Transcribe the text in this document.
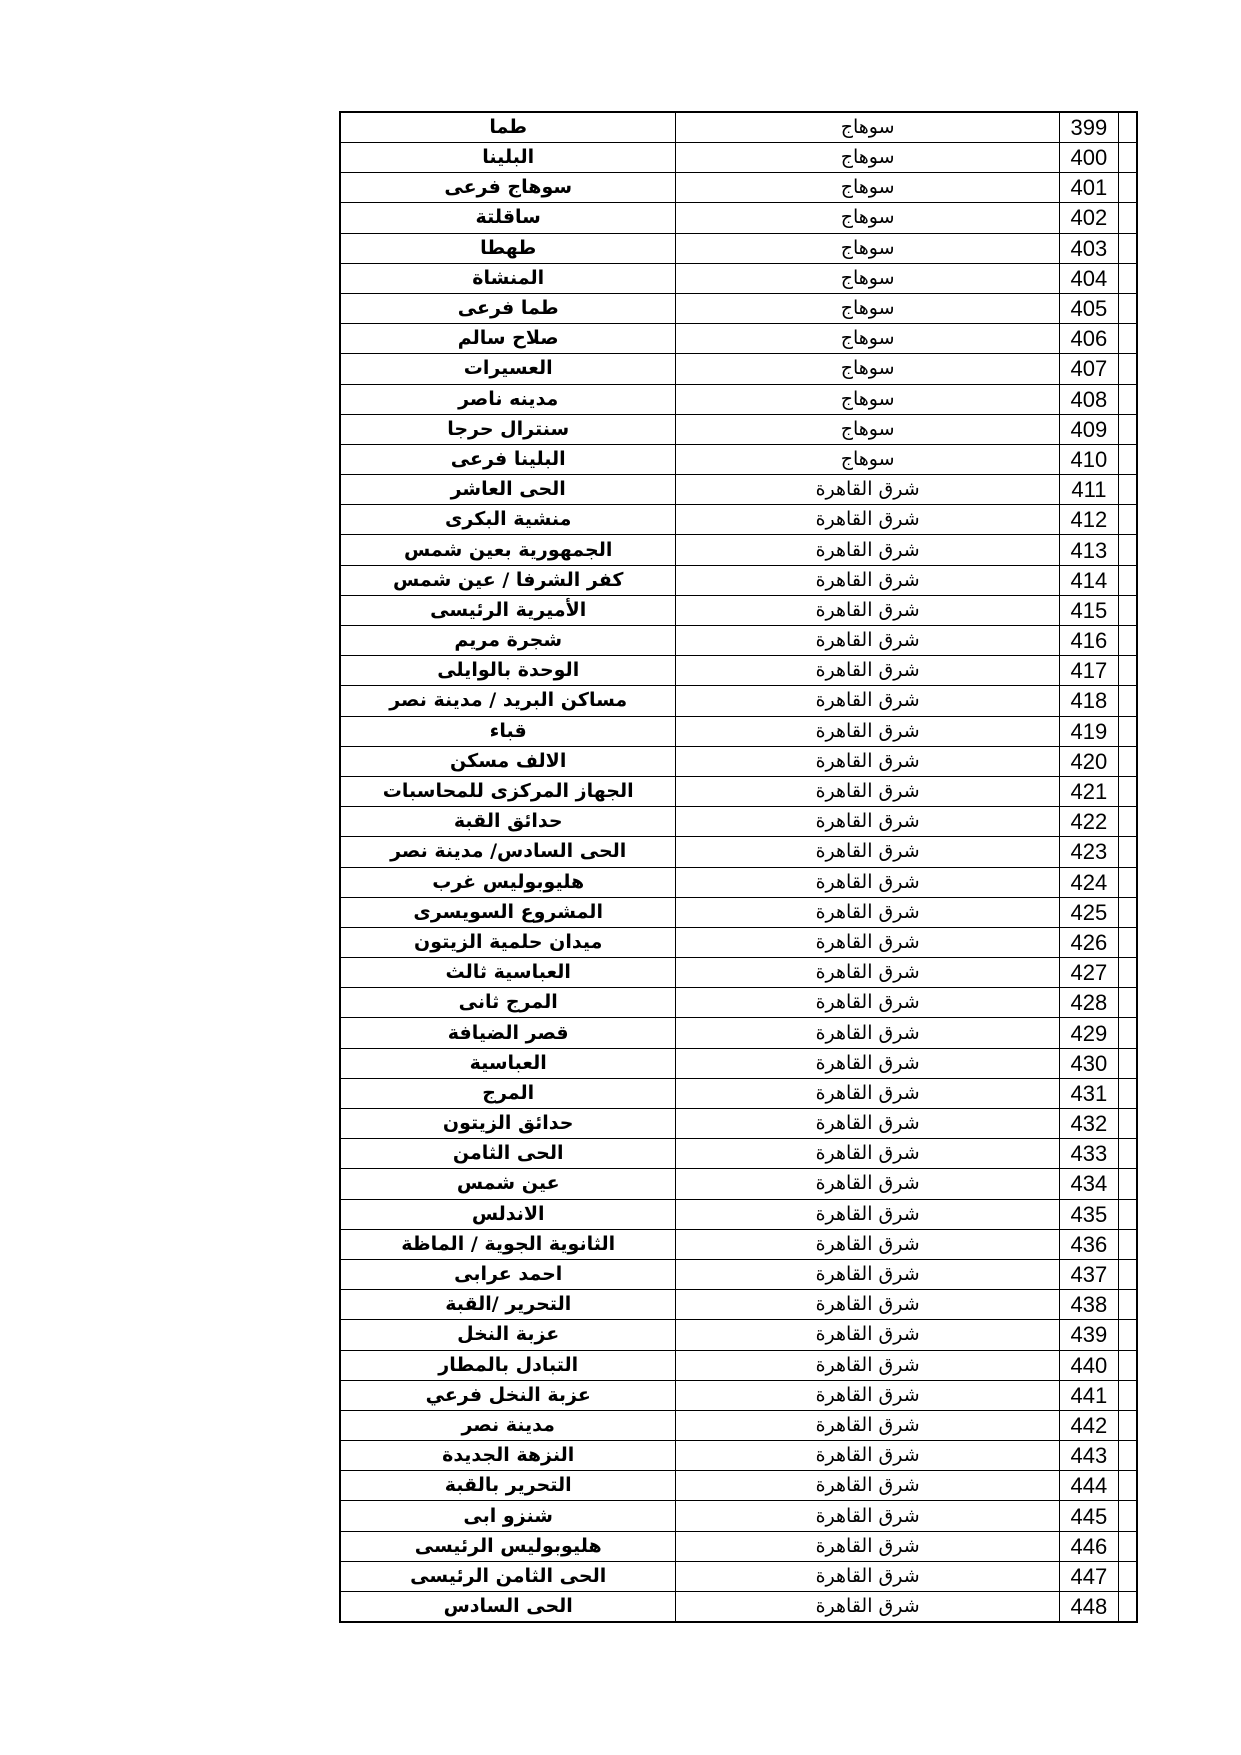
طما	سوهاج	399	
البلينا	سوهاج	400	
سوهاج فرعى	سوهاج	401	
ساقلتة	سوهاج	402	
طهطا	سوهاج	403	
المنشاة	سوهاج	404	
طما فرعى	سوهاج	405	
صلاح سالم	سوهاج	406	
العسيرات	سوهاج	407	
مدينه ناصر	سوهاج	408	
سنترال حرجا	سوهاج	409	
البلينا فرعى	سوهاج	410	
الحى العاشر	شرق القاهرة	411	
منشية البكرى	شرق القاهرة	412	
الجمهورية بعين شمس	شرق القاهرة	413	
كفر الشرفا / عين شمس	شرق القاهرة	414	
الأميرية الرئيسى	شرق القاهرة	415	
شجرة مريم	شرق القاهرة	416	
الوحدة بالوايلى	شرق القاهرة	417	
مساكن البريد / مدينة نصر	شرق القاهرة	418	
قباء	شرق القاهرة	419	
الالف مسكن	شرق القاهرة	420	
الجهاز المركزى للمحاسبات	شرق القاهرة	421	
حدائق القبة	شرق القاهرة	422	
الحى السادس/ مدينة نصر	شرق القاهرة	423	
هليوبوليس غرب	شرق القاهرة	424	
المشروع السويسرى	شرق القاهرة	425	
ميدان حلمية الزيتون	شرق القاهرة	426	
العباسية ثالث	شرق القاهرة	427	
المرج ثانى	شرق القاهرة	428	
قصر الضيافة	شرق القاهرة	429	
العباسية	شرق القاهرة	430	
المرج	شرق القاهرة	431	
حدائق الزيتون	شرق القاهرة	432	
الحى الثامن	شرق القاهرة	433	
عين شمس	شرق القاهرة	434	
الاندلس	شرق القاهرة	435	
الثانوية الجوية / الماظة	شرق القاهرة	436	
احمد عرابى	شرق القاهرة	437	
التحرير /القبة	شرق القاهرة	438	
عزبة النخل	شرق القاهرة	439	
التبادل بالمطار	شرق القاهرة	440	
عزبة النخل فرعي	شرق القاهرة	441	
مدينة نصر	شرق القاهرة	442	
النزهة الجديدة	شرق القاهرة	443	
التحرير بالقبة	شرق القاهرة	444	
شنزو ابى	شرق القاهرة	445	
هليوبوليس الرئيسى	شرق القاهرة	446	
الحى الثامن الرئيسى	شرق القاهرة	447	
الحى السادس	شرق القاهرة	448	
